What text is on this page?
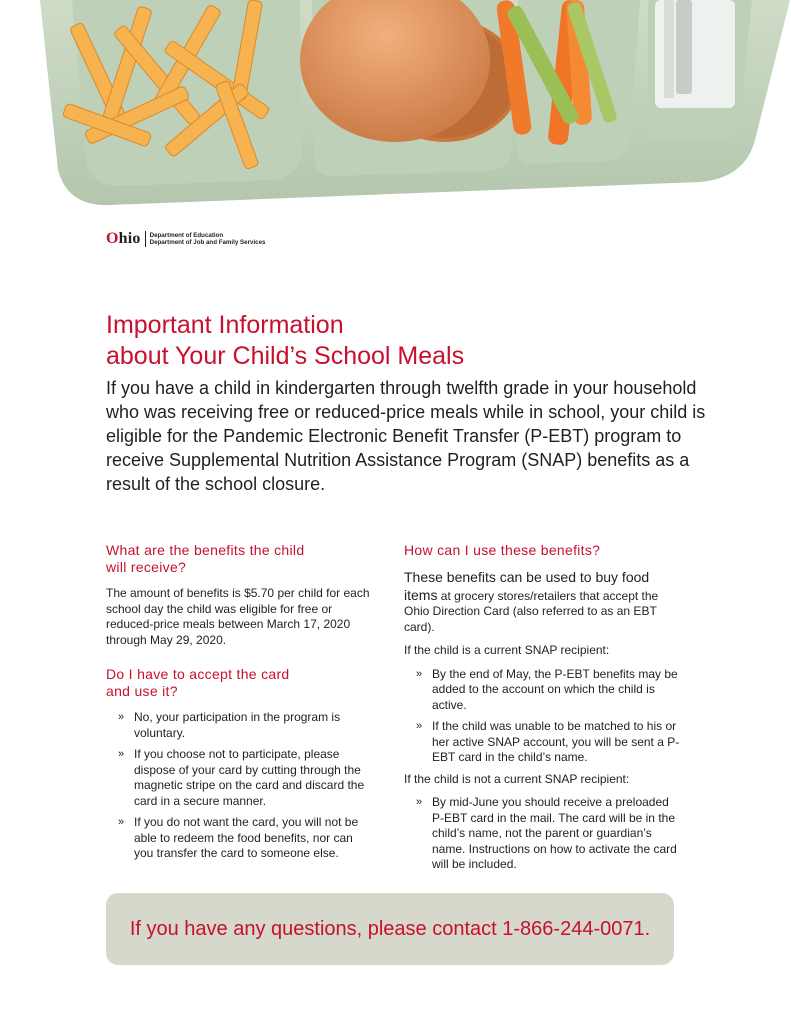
Ohio Department of Education
Department of Job and Family Services
Important Information
about Your Child’s School Meals

If you have a child in kindergarten through twelfth grade in your household who was receiving free or reduced-price meals while in school, your child is eligible for the Pandemic Electronic Benefit Transfer (P-EBT) program to receive Supplemental Nutrition Assistance Program (SNAP) benefits as a result of the school closure.

What are the benefits the child
will receive?

The amount of benefits is $5.70 per child for each school day the child was eligible for free or reduced-price meals between March 17, 2020 through May 29, 2020.

Do I have to accept the card
and use it?
» No, your participation in the program is voluntary.
» If you choose not to participate, please dispose of your card by cutting through the magnetic stripe on the card and discard the card in a secure manner.
» If you do not want the card, you will not be able to redeem the food benefits, nor can you transfer the card to someone else.
How can I use these benefits?

These benefits can be used to buy food items at grocery stores/retailers that accept the Ohio Direction Card (also referred to as an EBT card).

If the child is a current SNAP recipient:

» By the end of May, the P-EBT benefits may be added to the account on which the child is active.
» If the child was unable to be matched to his or her active SNAP account, you will be sent a P-EBT card in the child’s name.

If the child is not a current SNAP recipient:

» By mid-June you should receive a preloaded P-EBT card in the mail. The card will be in the child’s name, not the parent or guardian’s name. Instructions on how to activate the card will be included.
If you have any questions, please contact 1-866-244-0071.
